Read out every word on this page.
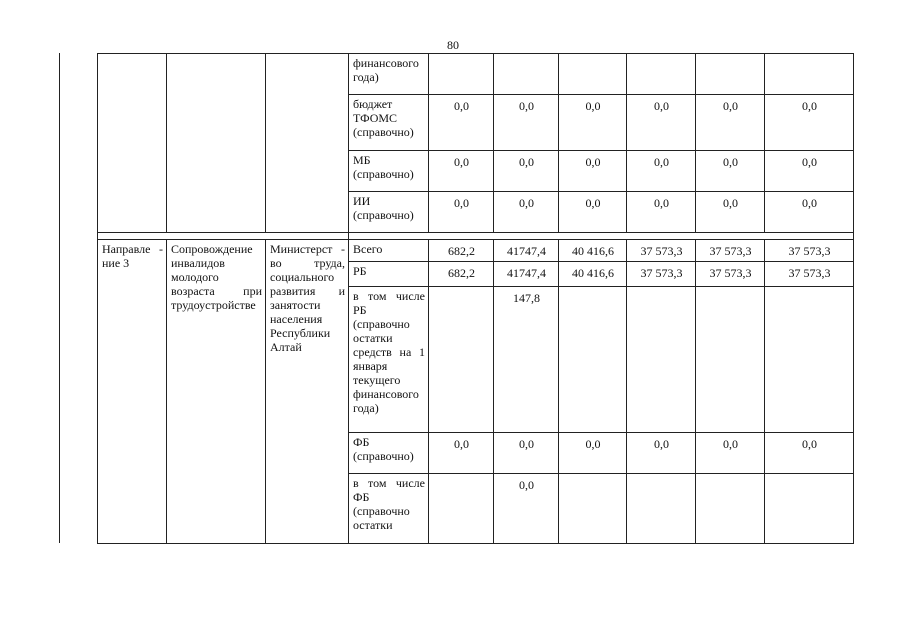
80
			финансового года)						
			бюджет ТФОМС (справочно)	0,0	0,0	0,0	0,0	0,0	0,0
			МБ (справочно)	0,0	0,0	0,0	0,0	0,0	0,0
			ИИ (справочно)	0,0	0,0	0,0	0,0	0,0	0,0

Направле - ние 3	Сопровождение инвалидов молодого возраста при трудоустройстве	Министерст - во труда, социального развития и занятости населения Республики Алтай	Всего	682,2	41747,4	40 416,6	37 573,3	37 573,3	37 573,3
			РБ	682,2	41747,4	40 416,6	37 573,3	37 573,3	37 573,3
			в том числе РБ (справочно остатки средств на 1 января текущего финансового года)		147,8				
			ФБ (справочно)	0,0	0,0	0,0	0,0	0,0	0,0
			в том числе ФБ (справочно остатки		0,0				
